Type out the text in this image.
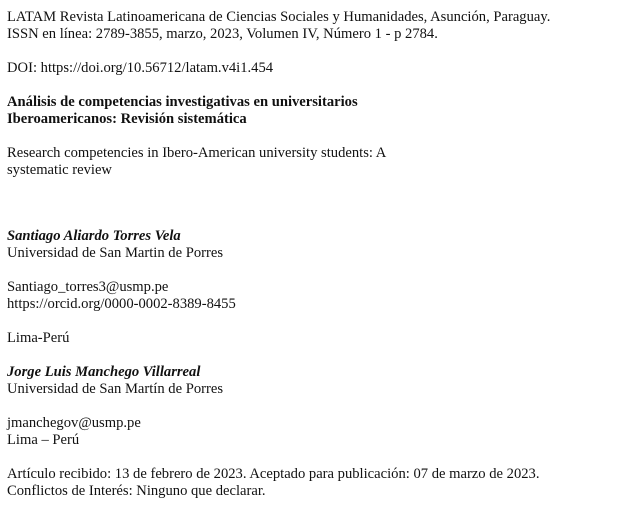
LATAM Revista Latinoamericana de Ciencias Sociales y Humanidades, Asunción, Paraguay.
ISSN en línea: 2789-3855, marzo, 2023, Volumen IV, Número 1 - p 2784.
DOI: https://doi.org/10.56712/latam.v4i1.454
Análisis de competencias investigativas en universitarios
Iberoamericanos: Revisión sistemática
Research competencies in Ibero-American university students: A
systematic review
Santiago Aliardo Torres Vela
Universidad de San Martin de Porres
Santiago_torres3@usmp.pe
https://orcid.org/0000-0002-8389-8455
Lima-Perú
Jorge Luis Manchego Villarreal
Universidad de San Martín de Porres
jmanchegov@usmp.pe
Lima – Perú
Artículo recibido: 13 de febrero de 2023. Aceptado para publicación: 07 de marzo de 2023.
Conflictos de Interés: Ninguno que declarar.
